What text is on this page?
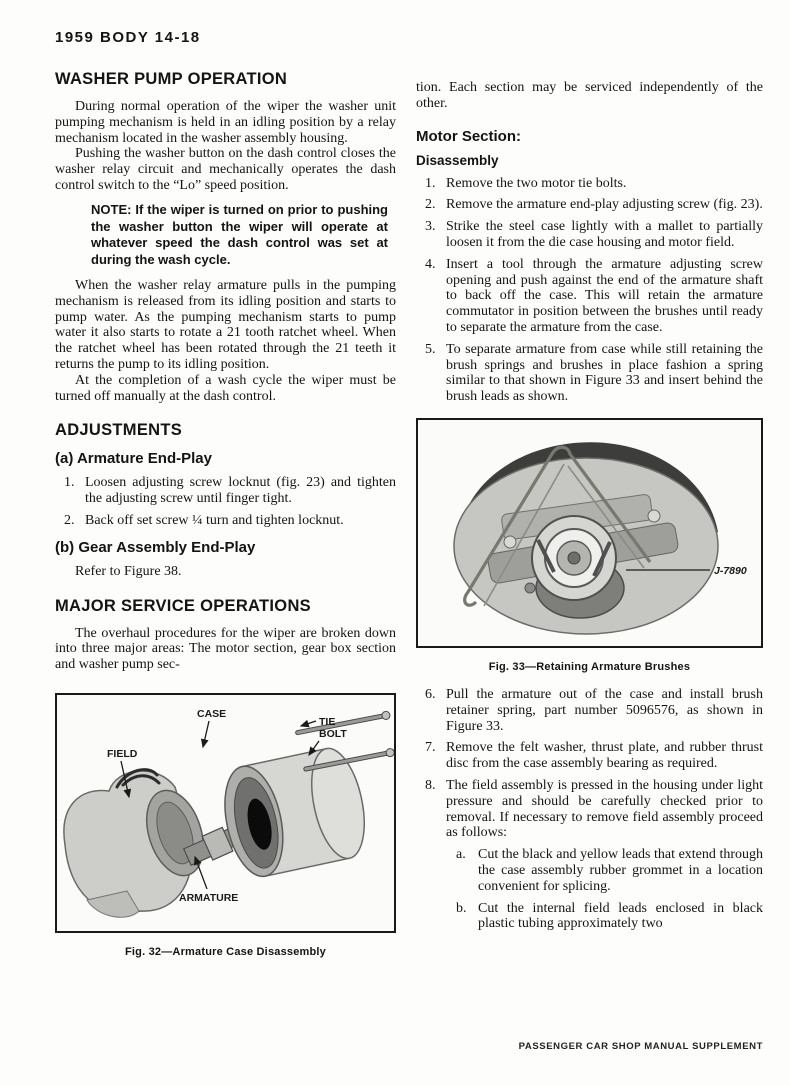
1959 BODY 14-18
WASHER PUMP OPERATION

During normal operation of the wiper the washer unit pumping mechanism is held in an idling position by a relay mechanism located in the washer assembly housing.

Pushing the washer button on the dash control closes the washer relay circuit and mechanically operates the dash control switch to the “Lo” speed position.

NOTE: If the wiper is turned on prior to pushing the washer button the wiper will operate at whatever speed the dash control was set at during the wash cycle.

When the washer relay armature pulls in the pumping mechanism is released from its idling position and starts to pump water. As the pumping mechanism starts to pump water it also starts to rotate a 21 tooth ratchet wheel. When the ratchet wheel has been rotated through the 21 teeth it returns the pump to its idling position.

At the completion of a wash cycle the wiper must be turned off manually at the dash control.

ADJUSTMENTS
(a) Armature End-Play
1. Loosen adjusting screw locknut (fig. 23) and tighten the adjusting screw until finger tight.
2. Back off set screw ¼ turn and tighten locknut.
(b) Gear Assembly End-Play

Refer to Figure 38.

MAJOR SERVICE OPERATIONS

The overhaul procedures for the wiper are broken down into three major areas: The motor section, gear box section and washer pump sec-

CASE
TIE
BOLT
FIELD
ARMATURE
Fig. 32—Armature Case Disassembly

tion. Each section may be serviced independently of the other.

Motor Section:
Disassembly
1. Remove the two motor tie bolts.
2. Remove the armature end-play adjusting screw (fig. 23).
3. Strike the steel case lightly with a mallet to partially loosen it from the die case housing and motor field.
4. Insert a tool through the armature adjusting screw opening and push against the end of the armature shaft to back off the case. This will retain the armature commutator in position between the brushes until ready to separate the armature from the case.
5. To separate armature from case while still retaining the brush springs and brushes in place fashion a spring similar to that shown in Figure 33 and insert behind the brush leads as shown.
J-7890
Fig. 33—Retaining Armature Brushes
6. Pull the armature out of the case and install brush retainer spring, part number 5096576, as shown in Figure 33.
7. Remove the felt washer, thrust plate, and rubber thrust disc from the case assembly bearing as required.
8. The field assembly is pressed in the housing under light pressure and should be carefully checked prior to removal. If necessary to remove field assembly proceed as follows:
a. Cut the black and yellow leads that extend through the case assembly rubber grommet in a location convenient for splicing.
b. Cut the internal field leads enclosed in black plastic tubing approximately two
PASSENGER CAR SHOP MANUAL SUPPLEMENT
